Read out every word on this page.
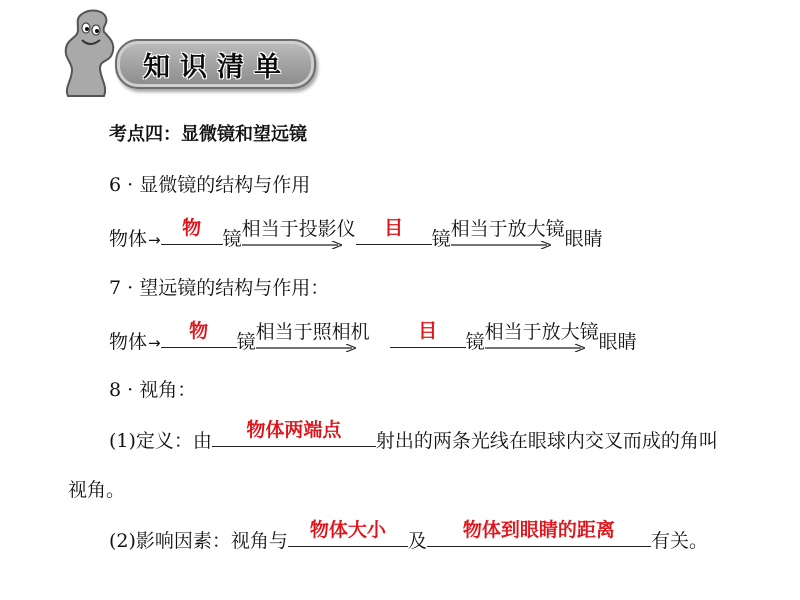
知识清单
考点四：显微镜和望远镜
6 · 显微镜的结构与作用
物体→
物	镜相当于投影仪	目	镜相当于放大镜
眼睛
7 · 望远镜的结构与作用：
物体→
物	镜相当于照相机	目	镜相当于放大镜
眼睛
8 · 视角：
(1)定义：由	物体两端点	射出的两条光线在眼球内交叉而成的角叫
视角。
(2)影响因素：视角与	物体大小	及	物体到眼睛的距离	有关。
